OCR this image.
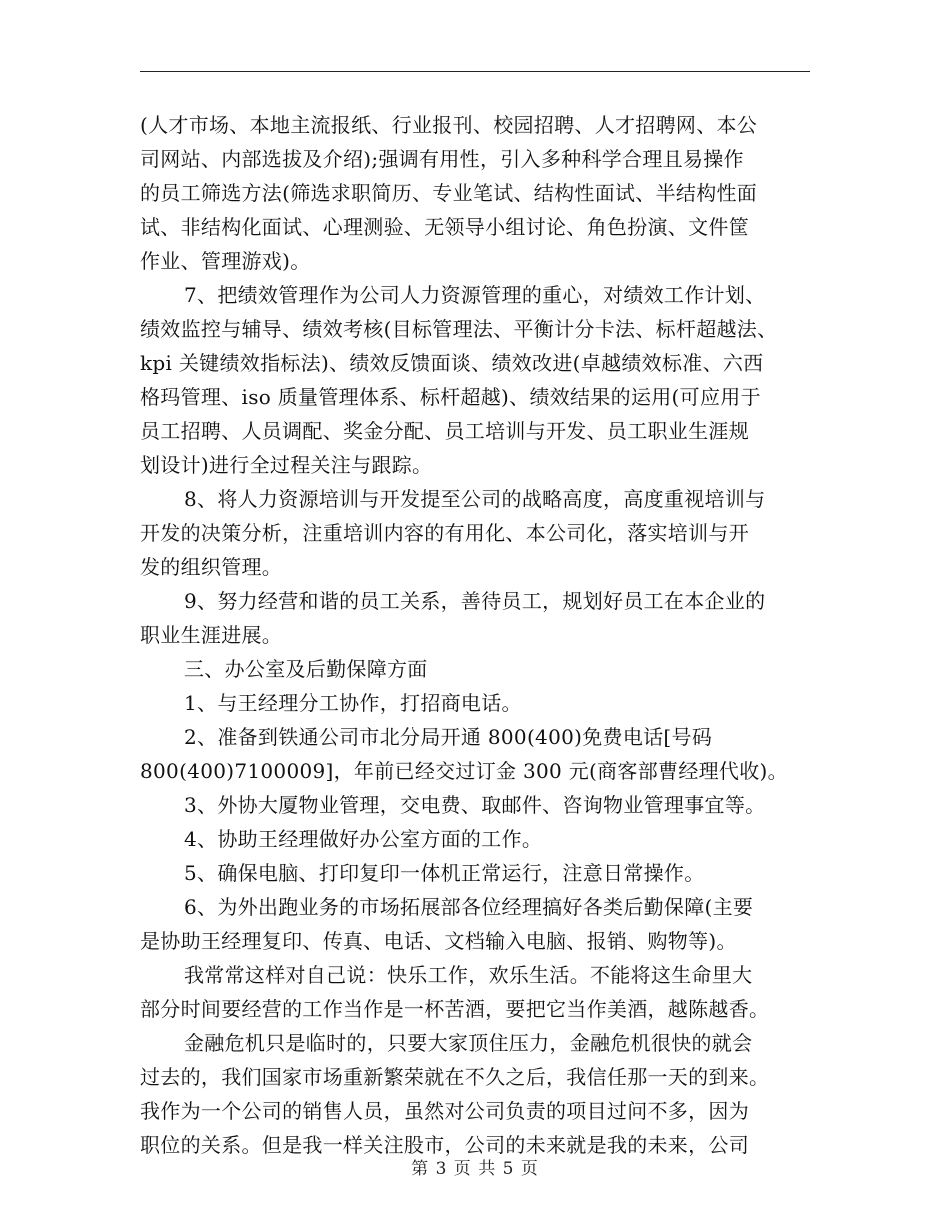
(人才市场、本地主流报纸、行业报刊、校园招聘、人才招聘网、本公
司网站、内部选拔及介绍);强调有用性，引入多种科学合理且易操作
的员工筛选方法(筛选求职简历、专业笔试、结构性面试、半结构性面
试、非结构化面试、心理测验、无领导小组讨论、角色扮演、文件筐
作业、管理游戏)。
7、把绩效管理作为公司人力资源管理的重心，对绩效工作计划、
绩效监控与辅导、绩效考核(目标管理法、平衡计分卡法、标杆超越法、
kpi 关键绩效指标法)、绩效反馈面谈、绩效改进(卓越绩效标准、六西
格玛管理、iso 质量管理体系、标杆超越)、绩效结果的运用(可应用于
员工招聘、人员调配、奖金分配、员工培训与开发、员工职业生涯规
划设计)进行全过程关注与跟踪。
8、将人力资源培训与开发提至公司的战略高度，高度重视培训与
开发的决策分析，注重培训内容的有用化、本公司化，落实培训与开
发的组织管理。
9、努力经营和谐的员工关系，善待员工，规划好员工在本企业的
职业生涯进展。
三、办公室及后勤保障方面
1、与王经理分工协作，打招商电话。
2、准备到铁通公司市北分局开通 800(400)免费电话[号码
800(400)7100009]，年前已经交过订金 300 元(商客部曹经理代收)。
3、外协大厦物业管理，交电费、取邮件、咨询物业管理事宜等。
4、协助王经理做好办公室方面的工作。
5、确保电脑、打印复印一体机正常运行，注意日常操作。
6、为外出跑业务的市场拓展部各位经理搞好各类后勤保障(主要
是协助王经理复印、传真、电话、文档输入电脑、报销、购物等)。
我常常这样对自己说：快乐工作，欢乐生活。不能将这生命里大
部分时间要经营的工作当作是一杯苦酒，要把它当作美酒，越陈越香。
金融危机只是临时的，只要大家顶住压力，金融危机很快的就会
过去的，我们国家市场重新繁荣就在不久之后，我信任那一天的到来。
我作为一个公司的销售人员，虽然对公司负责的项目过问不多，因为
职位的关系。但是我一样关注股市，公司的未来就是我的未来，公司
第 3 页 共 5 页
